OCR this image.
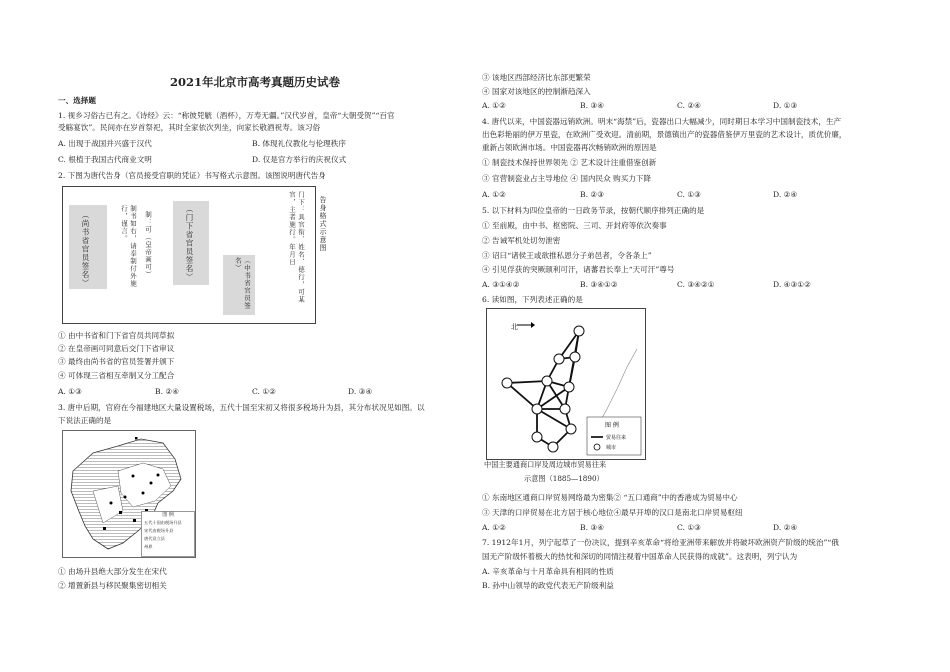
2021年北京市高考真题历史试卷
一、选择题
1. 视乡习俗古已有之。《诗经》云：“称彼兕觥（酒杯），万寿无疆。”汉代岁首，皇帝“大朝受贺”“百官
受觞宴饮”。民间亦在岁首祭祀，其时全家依次列坐，向家长敬酒祝寿。该习俗
A. 出现于战国并兴盛于汉代	B. 体现礼仪教化与伦理秩序
C. 根植于我国古代商业文明	D. 仅是官方举行的庆祝仪式
2. 下图为唐代告身（官员接受官职的凭证）书写格式示意图。该图说明唐代告身
（尚书省官员签名）	制书如右，请奉制付外施行，谨言。	制：可（皇帝画可）	（门下省官员签名）
（中书省官员签名）	门下：具官衔、姓名、德行，可某官，主者施行。年月日	告身格式示意图
① 由中书省和门下省官员共同草拟
② 在皇帝画可同意后交门下省审议
③ 最终由尚书省的官员签署并颁下
④ 可体现三省相互牵制又分工配合
A. ①③	B. ②④	C. ①②	D. ③④
3. 唐中后期，官府在今福建地区大量设置税场，五代十国至宋初又将很多税场升为县，其分布状况见如图。以
下说法正确的是
图 例
五代十国由税场升县
宋代由税场升县
唐代设立县
州界
① 由场升县绝大部分发生在宋代
② 增置新县与移民聚集密切相关
③ 该地区西部经济比东部更繁荣
④ 国家对该地区的控制渐趋深入
A. ①②	B. ③④	C. ②④	D. ①③
4. 唐代以来，中国瓷器远销欧洲。明末“海禁”后，瓷器出口大幅减少，同时期日本学习中国制瓷技术，生产
出色彩艳丽的伊万里瓷，在欧洲广受欢迎。清前期，景德镇出产的瓷器借鉴伊万里瓷的艺术设计，质优价廉，
重新占领欧洲市场。中国瓷器再次畅销欧洲的原因是
① 制瓷技术保持世界领先 ② 艺术设计注重借鉴创新
③ 官营制瓷业占主导地位 ④ 国内民众 购买力下降
A. ①②	B. ②③	C. ①③	D. ②④
5. 以下材料为四位皇帝的一日政务节录，按朝代顺序排列正确的是
① 至前殿，由中书、枢密院、三司、开封府等依次奏事
② 告诫军机处切勿泄密
③ 诏曰“诸侯王或欲推私恩分子弟邑者，令各条上”
④ 引见俘获的突厥颉利可汗，诸蕃君长奉上“天可汗”尊号
A. ③①④②	B. ③④①②	C. ③④②①	D. ④③①②
6. 读如图，下列表述正确的是
北
图 例
贸易往来
城市
中国主要通商口岸及周边城市贸易往来
示意图（1885—1890）
① 东南地区通商口岸贸易网络最为密集② “五口通商”中的香港成为贸易中心
③ 天津的口岸贸易在北方居于核心地位④最早开埠的汉口是南北口岸贸易枢纽
A. ①②	B. ③④	C. ①③	D. ②④
7. 1912年1月，列宁起草了一份决议，提到辛亥革命“将给亚洲带来解放并将破坏欧洲资产阶级的统治”“俄
国无产阶级怀着极大的热忱和深切的同情注视着中国革命人民获得的成就”。这表明，列宁认为
A. 辛亥革命与十月革命具有相同的性质
B. 孙中山领导的政党代表无产阶级利益
